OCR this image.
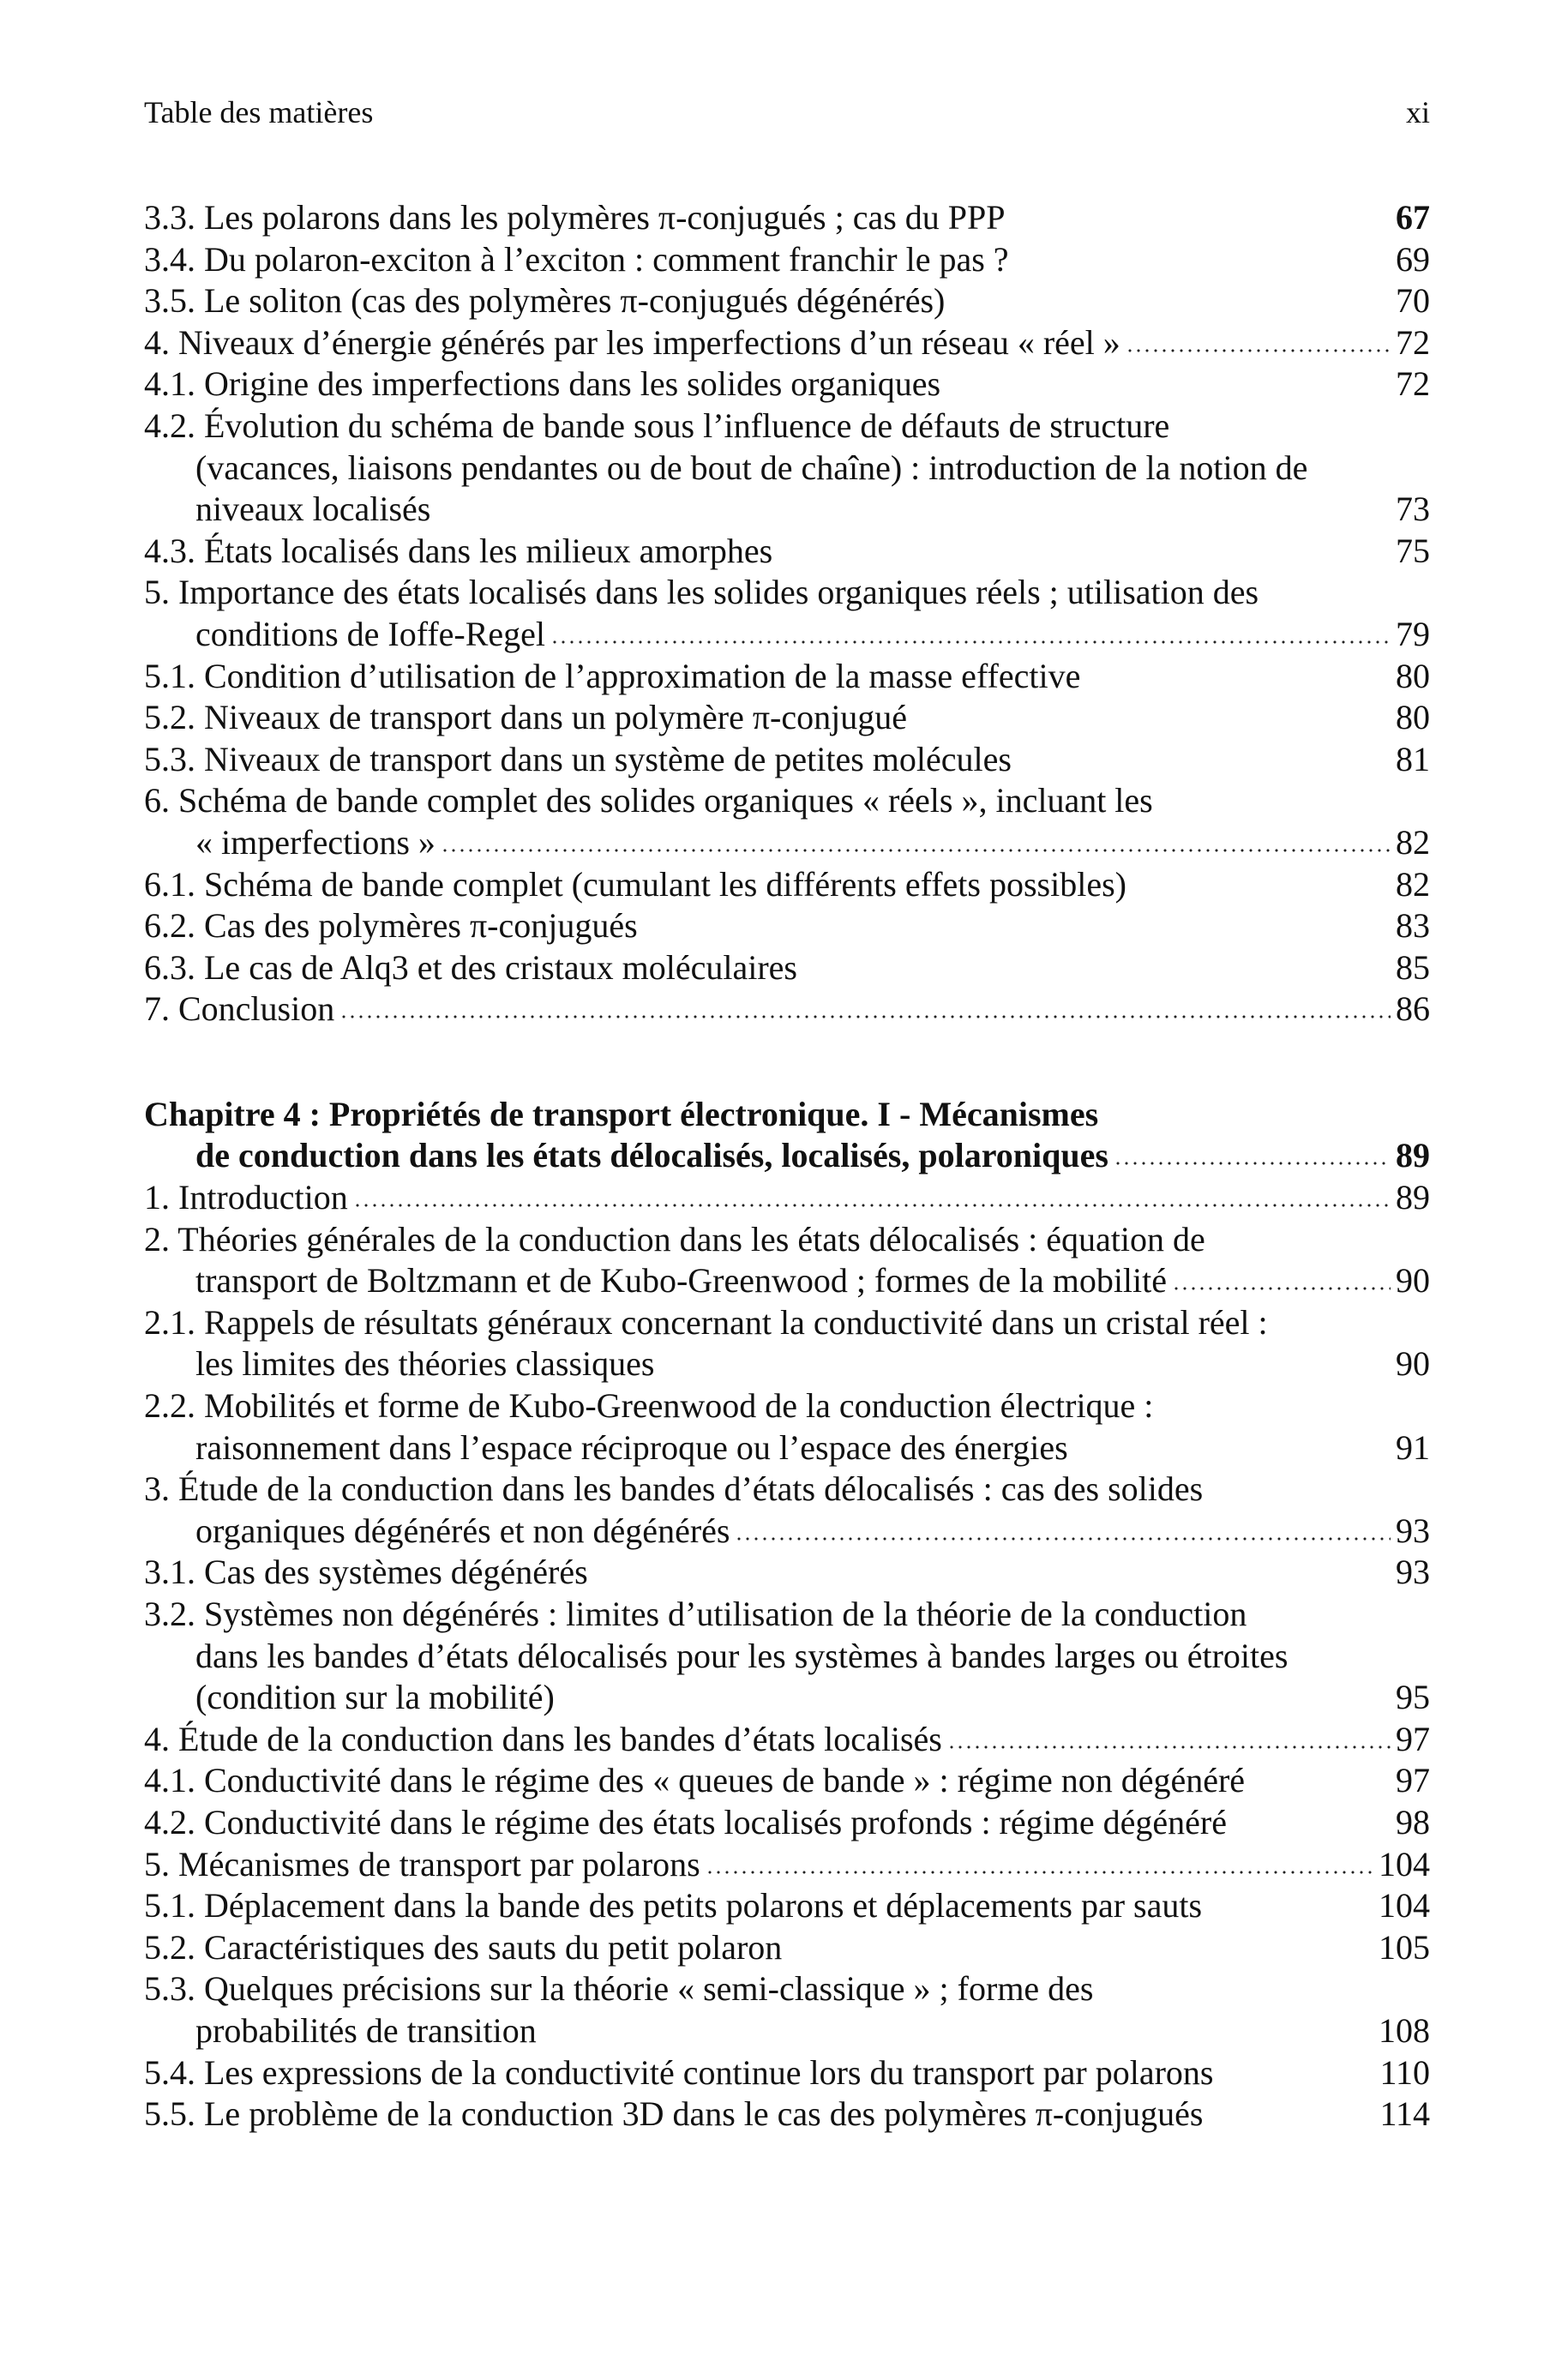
Table des matières	xi
3.3. Les polarons dans les polymères π-conjugués ; cas du PPP	67
3.4. Du polaron-exciton à l’exciton : comment franchir le pas ?	69
3.5. Le soliton (cas des polymères π-conjugués dégénérés)	70
4. Niveaux d’énergie générés par les imperfections d’un réseau « réel »	72
4.1. Origine des imperfections dans les solides organiques	72
4.2. Évolution du schéma de bande sous l’influence de défauts de structure
(vacances, liaisons pendantes ou de bout de chaîne) : introduction de la notion de
niveaux localisés	73
4.3. États localisés dans les milieux amorphes	75
5. Importance des états localisés dans les solides organiques réels ; utilisation des
conditions de Ioffe-Regel	79
5.1. Condition d’utilisation de l’approximation de la masse effective	80
5.2. Niveaux de transport dans un polymère π-conjugué	80
5.3. Niveaux de transport dans un système de petites molécules	81
6. Schéma de bande complet des solides organiques « réels », incluant les
« imperfections »	82
6.1. Schéma de bande complet (cumulant les différents effets possibles)	82
6.2. Cas des polymères π-conjugués	83
6.3. Le cas de Alq3 et des cristaux moléculaires	85
7. Conclusion	86
Chapitre 4 : Propriétés de transport électronique. I - Mécanismes
de conduction dans les états délocalisés, localisés, polaroniques	89
1. Introduction	89
2. Théories générales de la conduction dans les états délocalisés : équation de
transport de Boltzmann et de Kubo-Greenwood ; formes de la mobilité	90
2.1. Rappels de résultats généraux concernant la conductivité dans un cristal réel :
les limites des théories classiques	90
2.2. Mobilités et forme de Kubo-Greenwood de la conduction électrique :
raisonnement dans l’espace réciproque ou l’espace des énergies	91
3. Étude de la conduction dans les bandes d’états délocalisés : cas des solides
organiques dégénérés et non dégénérés	93
3.1. Cas des systèmes dégénérés	93
3.2. Systèmes non dégénérés : limites d’utilisation de la théorie de la conduction
dans les bandes d’états délocalisés pour les systèmes à bandes larges ou étroites
(condition sur la mobilité)	95
4. Étude de la conduction dans les bandes d’états localisés	97
4.1. Conductivité dans le régime des « queues de bande » : régime non dégénéré	97
4.2. Conductivité dans le régime des états localisés profonds : régime dégénéré	98
5. Mécanismes de transport par polarons	104
5.1. Déplacement dans la bande des petits polarons et déplacements par sauts	104
5.2. Caractéristiques des sauts du petit polaron	105
5.3. Quelques précisions sur la théorie « semi-classique » ; forme des
probabilités de transition	108
5.4. Les expressions de la conductivité continue lors du transport par polarons	110
5.5. Le problème de la conduction 3D dans le cas des polymères π-conjugués	114
